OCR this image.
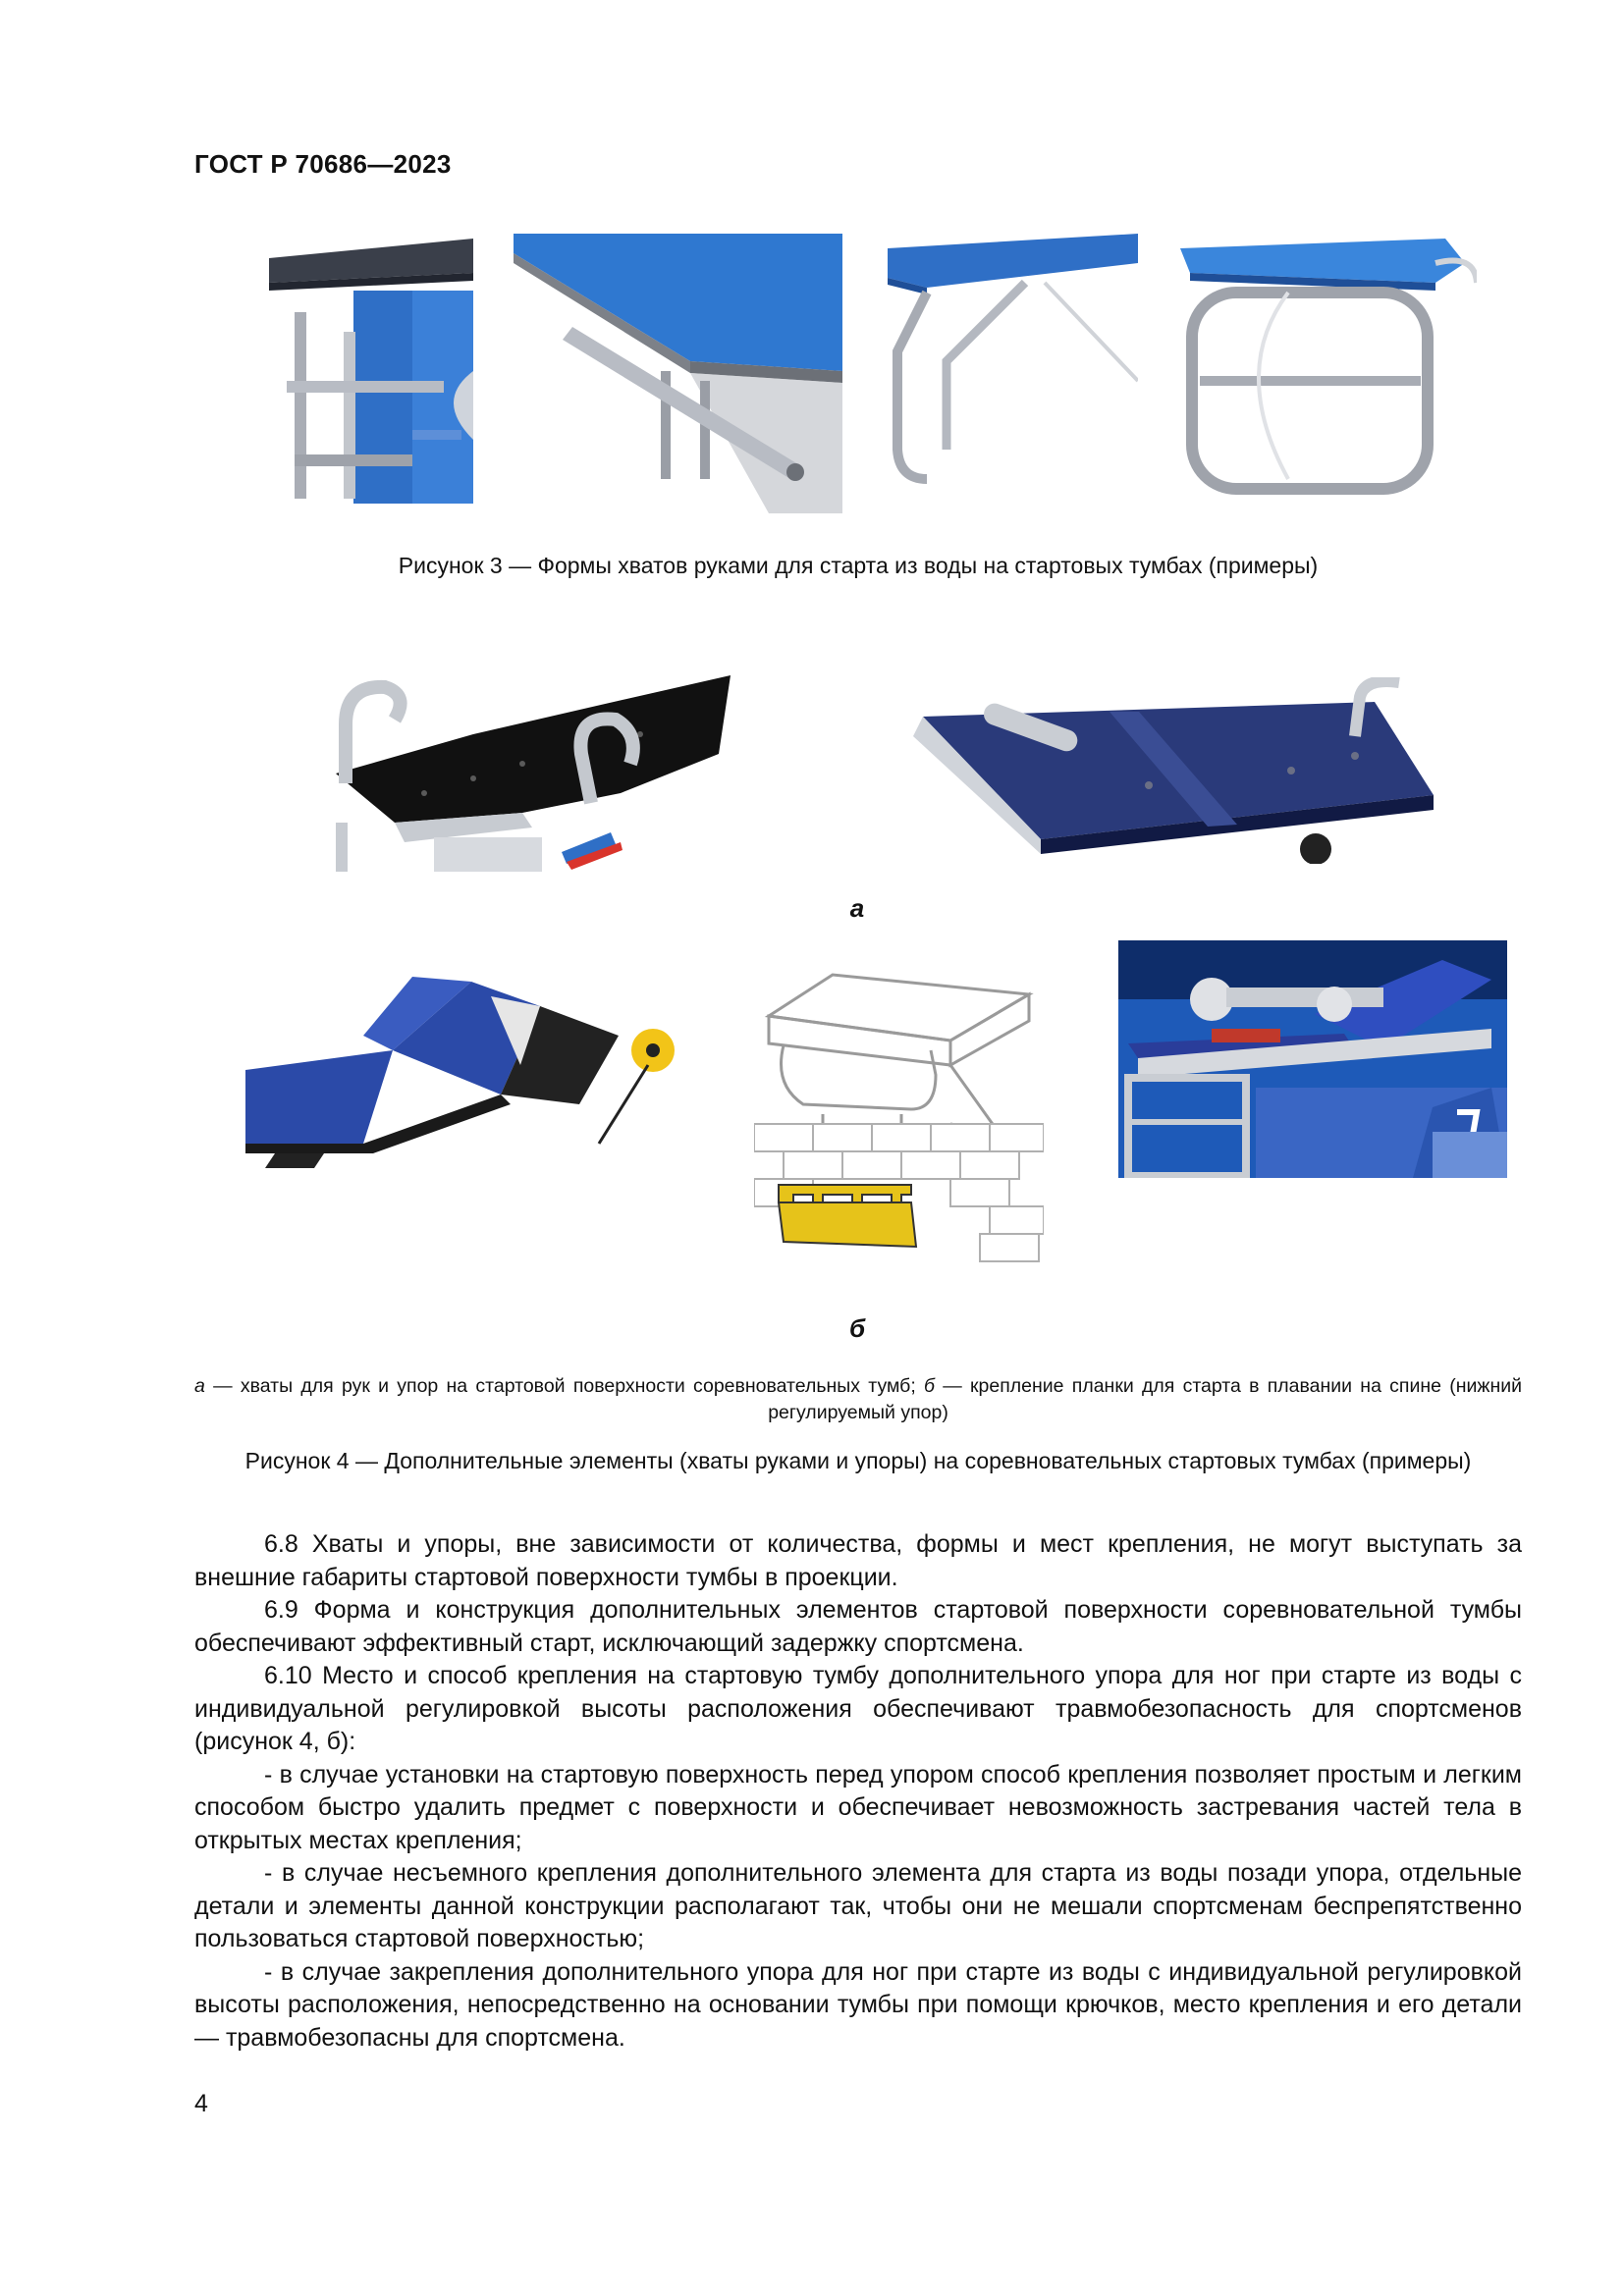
ГОСТ Р 70686—2023
Рисунок 3 — Формы хватов руками для старта из воды на стартовых тумбах (примеры)
а
б
а — хваты для рук и упор на стартовой поверхности соревновательных тумб; б — крепление планки для старта в плавании на спине (нижний регулируемый упор)
Рисунок 4 — Дополнительные элементы (хваты руками и упоры) на соревновательных стартовых тумбах (примеры)

6.8 Хваты и упоры, вне зависимости от количества, формы и мест крепления, не могут выступать за внешние габариты стартовой поверхности тумбы в проекции.

6.9 Форма и конструкция дополнительных элементов стартовой поверхности соревновательной тумбы обеспечивают эффективный старт, исключающий задержку спортсмена.

6.10 Место и способ крепления на стартовую тумбу дополнительного упора для ног при старте из воды с индивидуальной регулировкой высоты расположения обеспечивают травмобезопасность для спортсменов (рисунок 4, б):

- в случае установки на стартовую поверхность перед упором способ крепления позволяет простым и легким способом быстро удалить предмет с поверхности и обеспечивает невозможность застревания частей тела в открытых местах крепления;

- в случае несъемного крепления дополнительного элемента для старта из воды позади упора, отдельные детали и элементы данной конструкции располагают так, чтобы они не мешали спортсменам беспрепятственно пользоваться стартовой поверхностью;

- в случае закрепления дополнительного упора для ног при старте из воды с индивидуальной регулировкой высоты расположения, непосредственно на основании тумбы при помощи крючков, место крепления и его детали — травмобезопасны для спортсмена.

4
